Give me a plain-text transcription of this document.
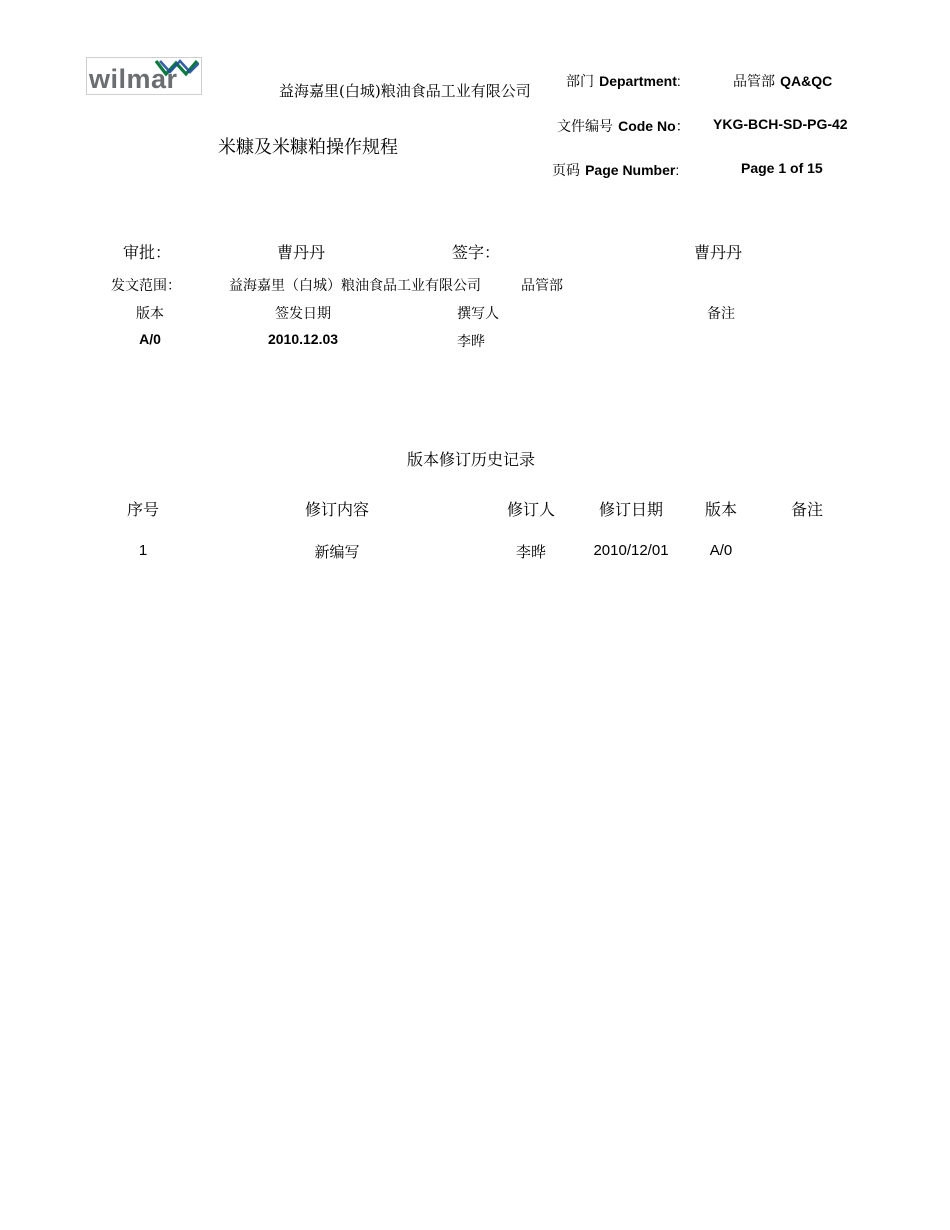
wilmar	益海嘉里(白城)粮油食品工业有限公司
米糠及米糠粕操作规程
部门 Department:	品管部 QA&QC
文件编号 Code No： YKG-BCH-SD-PG-42
页码 Page Number:	Page 1 of 15
审批：	曹丹丹	签字：	曹丹丹
发文范围：	益海嘉里（白城）粮油食品工业有限公司	品管部
版本	签发日期	撰写人	备注
A/0	2010.12.03	李晔
版本修订历史记录
序号	修订内容	修订人	修订日期	版本	备注
1	新编写	李晔	2010/12/01	A/0
